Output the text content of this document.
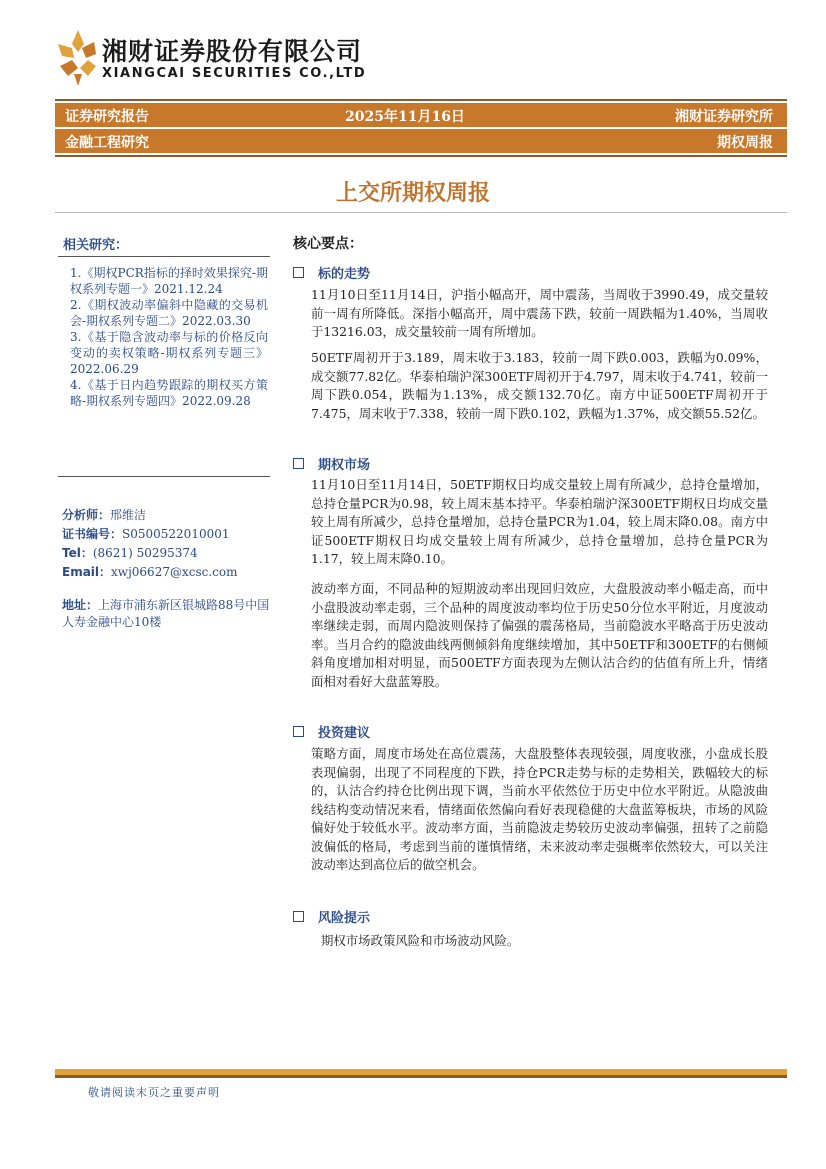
湘财证券股份有限公司
XIANGCAI SECURITIES CO.,LTD
证券研究报告	2025年11月16日	湘财证券研究所
金融工程研究	期权周报
上交所期权周报
相关研究：
1.《期权PCR指标的择时效果探究-期权系列专题一》2021.12.24
2.《期权波动率偏斜中隐藏的交易机会-期权系列专题二》2022.03.30
3.《基于隐含波动率与标的价格反向变动的卖权策略-期权系列专题三》2022.06.29
4.《基于日内趋势跟踪的期权买方策略-期权系列专题四》2022.09.28
分析师：邢维洁
证书编号：S0500522010001
Tel：(8621) 50295374
Email：xwj06627@xcsc.com
地址：上海市浦东新区银城路88号中国人寿金融中心10楼
核心要点：
标的走势
11月10日至11月14日，沪指小幅高开，周中震荡，当周收于3990.49，成交量较前一周有所降低。深指小幅高开，周中震荡下跌，较前一周跌幅为1.40%，当周收于13216.03，成交量较前一周有所增加。
50ETF周初开于3.189，周末收于3.183，较前一周下跌0.003，跌幅为0.09%，成交额77.82亿。华泰柏瑞沪深300ETF周初开于4.797，周末收于4.741，较前一周下跌0.054，跌幅为1.13%，成交额132.70亿。南方中证500ETF周初开于7.475，周末收于7.338，较前一周下跌0.102，跌幅为1.37%，成交额55.52亿。
期权市场
11月10日至11月14日，50ETF期权日均成交量较上周有所减少，总持仓量增加，总持仓量PCR为0.98，较上周末基本持平。华泰柏瑞沪深300ETF期权日均成交量较上周有所减少，总持仓量增加，总持仓量PCR为1.04，较上周末降0.08。南方中证500ETF期权日均成交量较上周有所减少，总持仓量增加，总持仓量PCR为1.17，较上周末降0.10。
波动率方面，不同品种的短期波动率出现回归效应，大盘股波动率小幅走高，而中小盘股波动率走弱，三个品种的周度波动率均位于历史50分位水平附近，月度波动率继续走弱，而周内隐波则保持了偏强的震荡格局，当前隐波水平略高于历史波动率。当月合约的隐波曲线两侧倾斜角度继续增加，其中50ETF和300ETF的右侧倾斜角度增加相对明显，而500ETF方面表现为左侧认沽合约的估值有所上升，情绪面相对看好大盘蓝筹股。
投资建议
策略方面，周度市场处在高位震荡，大盘股整体表现较强，周度收涨，小盘成长股表现偏弱，出现了不同程度的下跌，持仓PCR走势与标的走势相关，跌幅较大的标的，认沽合约持仓比例出现下调，当前水平依然位于历史中位水平附近。从隐波曲线结构变动情况来看，情绪面依然偏向看好表现稳健的大盘蓝筹板块，市场的风险偏好处于较低水平。波动率方面，当前隐波走势较历史波动率偏强，扭转了之前隐波偏低的格局，考虑到当前的谨慎情绪，未来波动率走强概率依然较大，可以关注波动率达到高位后的做空机会。
风险提示
期权市场政策风险和市场波动风险。
敬请阅读末页之重要声明
